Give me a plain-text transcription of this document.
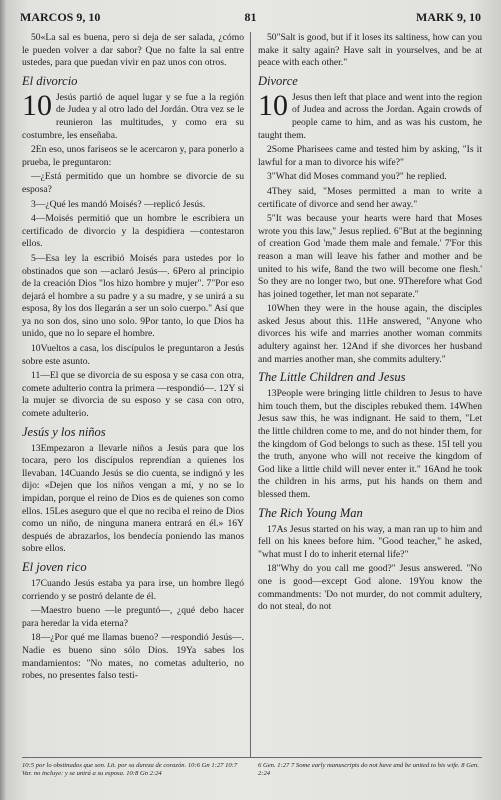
MARCOS 9, 10	81	MARK 9, 10

50«La sal es buena, pero si deja de ser salada, ¿cómo le pueden volver a dar sabor? Que no falte la sal entre ustedes, para que puedan vivir en paz unos con otros.

El divorcio
10 Jesús partió de aquel lugar y se fue a la región de Judea y al otro lado del Jordán. Otra vez se le reunieron las multitudes, y como era su costumbre, les enseñaba.

2En eso, unos fariseos se le acercaron y, para ponerlo a prueba, le preguntaron:

—¿Está permitido que un hombre se divorcie de su esposa?

3—¿Qué les mandó Moisés? —replicó Jesús.

4—Moisés permitió que un hombre le escribiera un certificado de divorcio y la despidiera —contestaron ellos.

5—Esa ley la escribió Moisés para ustedes por lo obstinados que son —aclaró Jesús—. 6Pero al principio de la creación Dios "los hizo hombre y mujer". 7"Por eso dejará el hombre a su padre y a su madre, y se unirá a su esposa, 8y los dos llegarán a ser un solo cuerpo." Así que ya no son dos, sino uno solo. 9Por tanto, lo que Dios ha unido, que no lo separe el hombre.

10Vueltos a casa, los discípulos le preguntaron a Jesús sobre este asunto.

11—El que se divorcia de su esposa y se casa con otra, comete adulterio contra la primera —respondió—. 12Y si la mujer se divorcia de su esposo y se casa con otro, comete adulterio.

Jesús y los niños

13Empezaron a llevarle niños a Jesús para que los tocara, pero los discípulos reprendían a quienes los llevaban. 14Cuando Jesús se dio cuenta, se indignó y les dijo: «Dejen que los niños vengan a mí, y no se lo impidan, porque el reino de Dios es de quienes son como ellos. 15Les aseguro que el que no reciba el reino de Dios como un niño, de ninguna manera entrará en él.» 16Y después de abrazarlos, los bendecía poniendo las manos sobre ellos.

El joven rico

17Cuando Jesús estaba ya para irse, un hombre llegó corriendo y se postró delante de él.

—Maestro bueno —le preguntó—, ¿qué debo hacer para heredar la vida eterna?

18—¿Por qué me llamas bueno? —respondió Jesús—. Nadie es bueno sino sólo Dios. 19Ya sabes los mandamientos: "No mates, no cometas adulterio, no robes, no presentes falso testi-

50"Salt is good, but if it loses its saltiness, how can you make it salty again? Have salt in yourselves, and be at peace with each other."

Divorce
10 Jesus then left that place and went into the region of Judea and across the Jordan. Again crowds of people came to him, and as was his custom, he taught them.

2Some Pharisees came and tested him by asking, "Is it lawful for a man to divorce his wife?"

3"What did Moses command you?" he replied.

4They said, "Moses permitted a man to write a certificate of divorce and send her away."

5"It was because your hearts were hard that Moses wrote you this law," Jesus replied. 6"But at the beginning of creation God 'made them male and female.' 7'For this reason a man will leave his father and mother and be united to his wife, 8and the two will become one flesh.' So they are no longer two, but one. 9Therefore what God has joined together, let man not separate."

10When they were in the house again, the disciples asked Jesus about this. 11He answered, "Anyone who divorces his wife and marries another woman commits adultery against her. 12And if she divorces her husband and marries another man, she commits adultery."

The Little Children and Jesus

13People were bringing little children to Jesus to have him touch them, but the disciples rebuked them. 14When Jesus saw this, he was indignant. He said to them, "Let the little children come to me, and do not hinder them, for the kingdom of God belongs to such as these. 15I tell you the truth, anyone who will not receive the kingdom of God like a little child will never enter it." 16And he took the children in his arms, put his hands on them and blessed them.

The Rich Young Man

17As Jesus started on his way, a man ran up to him and fell on his knees before him. "Good teacher," he asked, "what must I do to inherit eternal life?"

18"Why do you call me good?" Jesus answered. "No one is good—except God alone. 19You know the commandments: 'Do not murder, do not commit adultery, do not steal, do not

10:5 por lo obstinados que son. Lit. por su dureza de corazón. 10:6 Gn 1:27 10:7 Var. no incluye: y se unirá a su esposa. 10:8 Gn 2:24
6 Gen. 1:27 7 Some early manuscripts do not have and be united to his wife. 8 Gen. 2:24
